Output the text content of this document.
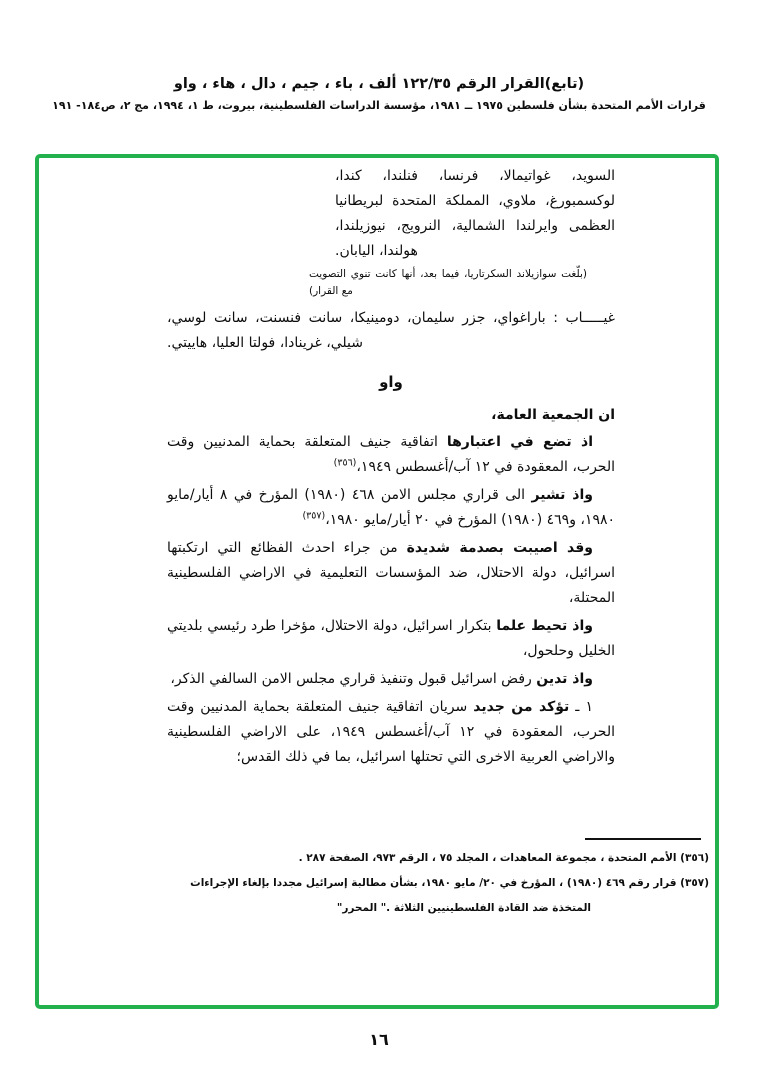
(تابع)القرار الرقم ١٢٢/٣٥ ألف ، باء ، جيم ، دال ، هاء ، واو
قرارات الأمم المتحدة بشأن فلسطين ١٩٧٥ ــ ١٩٨١، مؤسسة الدراسات الفلسطينية، بيروت، ط ١، ١٩٩٤، مج ٢، ص١٨٤- ١٩١

السويد، غواتيمالا، فرنسا، فنلندا، كندا، لوكسمبورغ، ملاوي، المملكة المتحدة لبريطانيا العظمى وايرلندا الشمالية، النرويج، نيوزيلندا، هولندا، اليابان.

(بلّغت سوازيلاند السكرتاريا، فيما بعد، أنها كانت تنوي التصويت مع القرار)

غيـــــاب : باراغواي، جزر سليمان، دومينيكا، سانت فنسنت، سانت لوسي، شيلي، غرينادا، فولتا العليا، هاييتي.

واو

ان الجمعية العامة،

اذ تضع في اعتبارها اتفاقية جنيف المتعلقة بحماية المدنيين وقت الحرب، المعقودة في ١٢ آب/أغسطس ١٩٤٩،$^{(٣٥٦)}$

واذ تشير الى قراري مجلس الامن ٤٦٨ (١٩٨٠) المؤرخ في ٨ أيار/مايو ١٩٨٠، و٤٦٩ (١٩٨٠) المؤرخ في ٢٠ أيار/مايو ١٩٨٠،$^{(٣٥٧)}$

وقد اصيبت بصدمة شديدة من جراء احدث الفظائع التي ارتكبتها اسرائيل، دولة الاحتلال، ضد المؤسسات التعليمية في الاراضي الفلسطينية المحتلة،

واذ تحيط علما بتكرار اسرائيل، دولة الاحتلال، مؤخرا طرد رئيسي بلديتي الخليل وحلحول،

واذ تدين رفض اسرائيل قبول وتنفيذ قراري مجلس الامن السالفي الذكر،

١ ـ تؤكد من جديد سريان اتفاقية جنيف المتعلقة بحماية المدنيين وقت الحرب، المعقودة في ١٢ آب/أغسطس ١٩٤٩، على الاراضي الفلسطينية والاراضي العربية الاخرى التي تحتلها اسرائيل، بما في ذلك القدس؛

(٣٥٦) الأمم المتحدة ، مجموعة المعاهدات ، المجلد ٧٥ ، الرقم ٩٧٣، الصفحة ٢٨٧ .
(٣٥٧) قرار رقم ٤٦٩ (١٩٨٠) ، المؤرخ في ٢٠/ مايو ١٩٨٠، بشأن مطالبة إسرائيل مجددا بإلغاء الإجراءات
المتخذة ضد القادة الفلسطينيين الثلاثة ." المحرر"
١٦
